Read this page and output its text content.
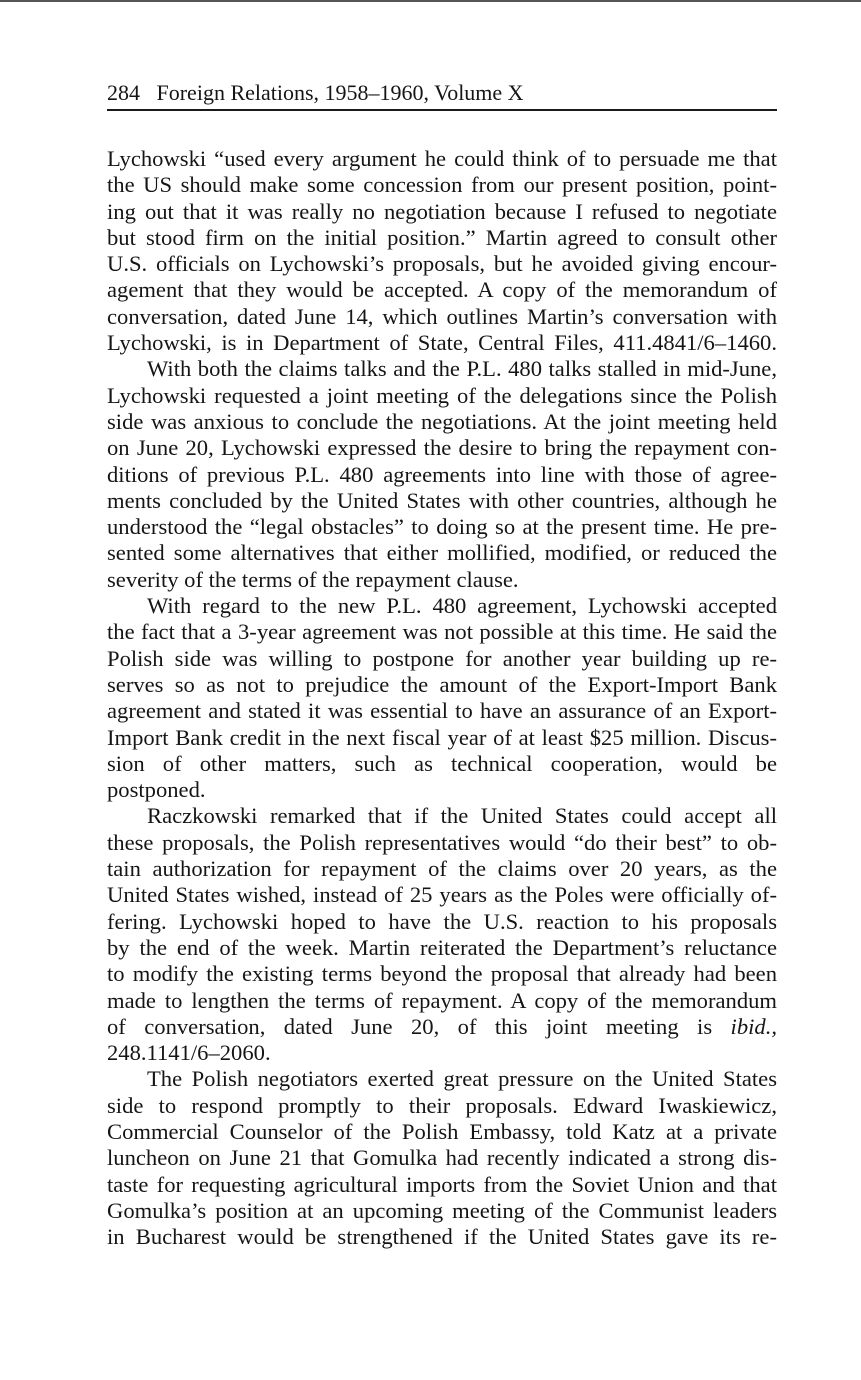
284 Foreign Relations, 1958–1960, Volume X
Lychowski “used every argument he could think of to persuade me that
the US should make some concession from our present position, point-
ing out that it was really no negotiation because I refused to negotiate
but stood firm on the initial position.” Martin agreed to consult other
U.S. officials on Lychowski’s proposals, but he avoided giving encour-
agement that they would be accepted. A copy of the memorandum of
conversation, dated June 14, which outlines Martin’s conversation with
Lychowski, is in Department of State, Central Files, 411.4841/6–1460.
With both the claims talks and the P.L. 480 talks stalled in mid-June,
Lychowski requested a joint meeting of the delegations since the Polish
side was anxious to conclude the negotiations. At the joint meeting held
on June 20, Lychowski expressed the desire to bring the repayment con-
ditions of previous P.L. 480 agreements into line with those of agree-
ments concluded by the United States with other countries, although he
understood the “legal obstacles” to doing so at the present time. He pre-
sented some alternatives that either mollified, modified, or reduced the
severity of the terms of the repayment clause.
With regard to the new P.L. 480 agreement, Lychowski accepted
the fact that a 3-year agreement was not possible at this time. He said the
Polish side was willing to postpone for another year building up re-
serves so as not to prejudice the amount of the Export-Import Bank
agreement and stated it was essential to have an assurance of an Export-
Import Bank credit in the next fiscal year of at least $25 million. Discus-
sion of other matters, such as technical cooperation, would be
postponed.
Raczkowski remarked that if the United States could accept all
these proposals, the Polish representatives would “do their best” to ob-
tain authorization for repayment of the claims over 20 years, as the
United States wished, instead of 25 years as the Poles were officially of-
fering. Lychowski hoped to have the U.S. reaction to his proposals
by the end of the week. Martin reiterated the Department’s reluctance
to modify the existing terms beyond the proposal that already had been
made to lengthen the terms of repayment. A copy of the memorandum
of conversation, dated June 20, of this joint meeting is ibid.,
248.1141/6–2060.
The Polish negotiators exerted great pressure on the United States
side to respond promptly to their proposals. Edward Iwaskiewicz,
Commercial Counselor of the Polish Embassy, told Katz at a private
luncheon on June 21 that Gomulka had recently indicated a strong dis-
taste for requesting agricultural imports from the Soviet Union and that
Gomulka’s position at an upcoming meeting of the Communist leaders
in Bucharest would be strengthened if the United States gave its re-
